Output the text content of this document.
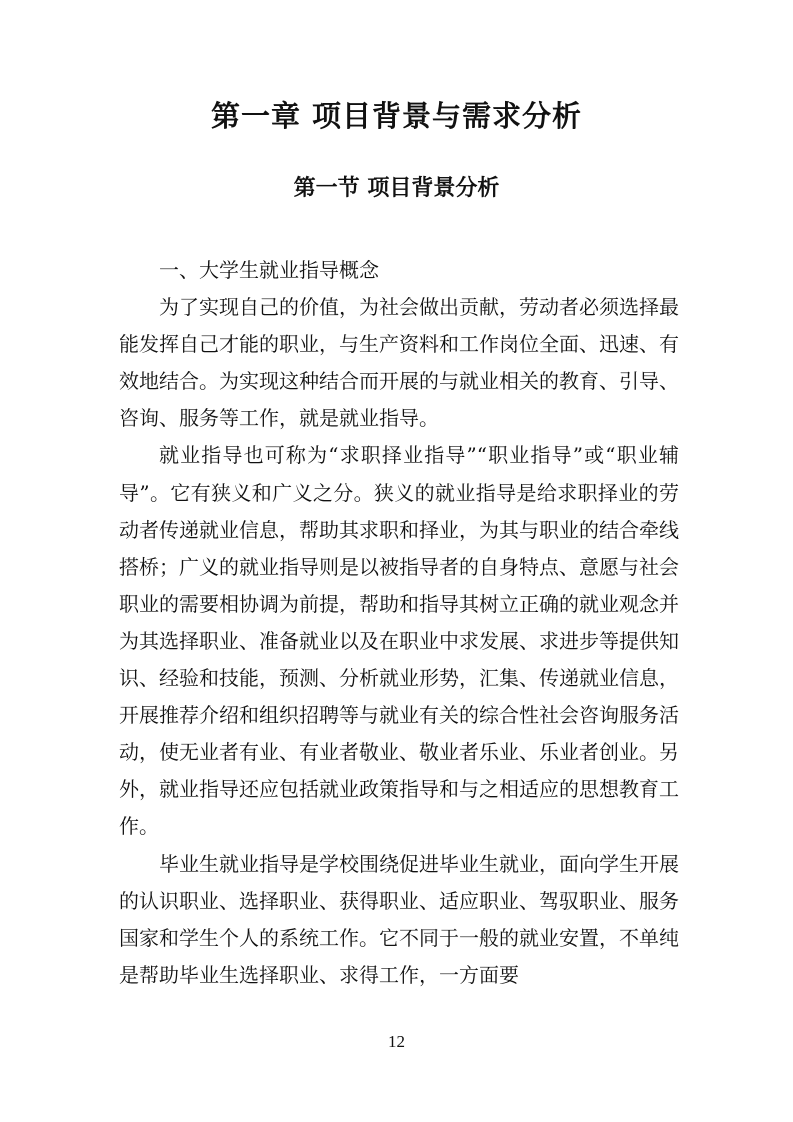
第一章 项目背景与需求分析
第一节 项目背景分析

一、大学生就业指导概念

为了实现自己的价值，为社会做出贡献，劳动者必须选择最能发挥自己才能的职业，与生产资料和工作岗位全面、迅速、有效地结合。为实现这种结合而开展的与就业相关的教育、引导、咨询、服务等工作，就是就业指导。

就业指导也可称为“求职择业指导”“职业指导”或“职业辅导”。它有狭义和广义之分。狭义的就业指导是给求职择业的劳动者传递就业信息，帮助其求职和择业，为其与职业的结合牵线搭桥；广义的就业指导则是以被指导者的自身特点、意愿与社会职业的需要相协调为前提，帮助和指导其树立正确的就业观念并为其选择职业、准备就业以及在职业中求发展、求进步等提供知识、经验和技能，预测、分析就业形势，汇集、传递就业信息，开展推荐介绍和组织招聘等与就业有关的综合性社会咨询服务活动，使无业者有业、有业者敬业、敬业者乐业、乐业者创业。另外，就业指导还应包括就业政策指导和与之相适应的思想教育工作。

毕业生就业指导是学校围绕促进毕业生就业，面向学生开展的认识职业、选择职业、获得职业、适应职业、驾驭职业、服务国家和学生个人的系统工作。它不同于一般的就业安置，不单纯是帮助毕业生选择职业、求得工作，一方面要

12
